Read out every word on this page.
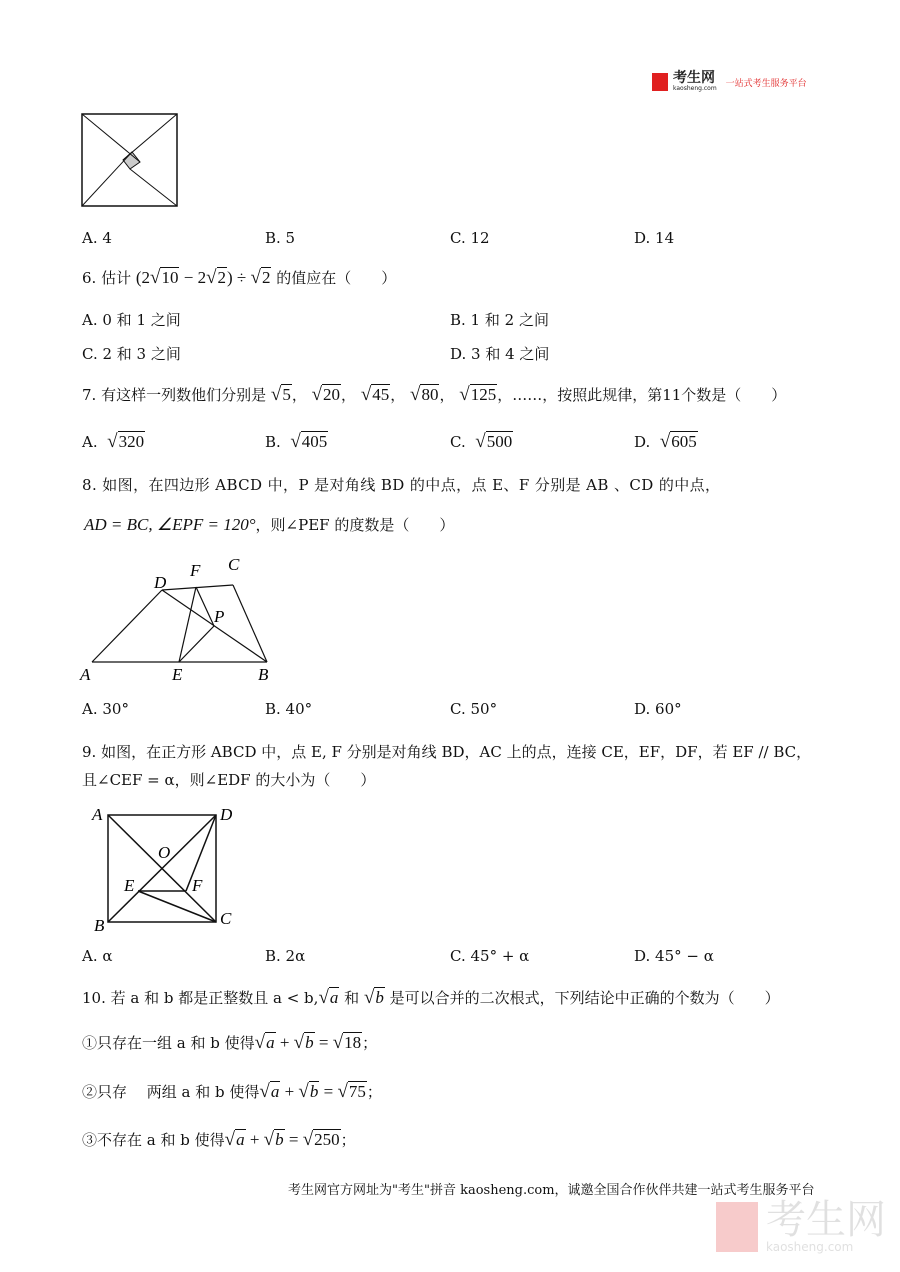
考生网
kaosheng.com 一站式考生服务平台
A. 4	B. 5	C. 12	D. 14
6. 估计 (2√10 − 2√2) ÷ √2 的值应在（　　）
A. 0 和 1 之间	B. 1 和 2 之间
C. 2 和 3 之间	D. 3 和 4 之间
7. 有这样一列数他们分别是 √5， √20， √45， √80， √125，……，按照此规律，第11个数是（　　）
A. √320	B. √405	C. √500	D. √605
8. 如图，在四边形 ABCD 中，P 是对角线 BD 的中点，点 E、F 分别是 AB 、CD 的中点，
AD = BC, ∠EPF = 120°，则∠PEF 的度数是（　　）
A	B
C
D
E
F
P
A. 30°	B. 40°	C. 50°	D. 60°
9. 如图，在正方形 ABCD 中，点 E, F 分别是对角线 BD，AC 上的点，连接 CE，EF，DF，若 EF // BC，
且∠CEF = α，则∠EDF 的大小为（　　）
A	D
B	C
O
E	F
A. α	B. 2α	C. 45° + α	D. 45° − α
10. 若 a 和 b 都是正整数且 a < b,√a 和 √b 是可以合并的二次根式，下列结论中正确的个数为（　　）
①只存在一组 a 和 b 使得√a + √b = √18；
②只存　 两组 a 和 b 使得√a + √b = √75；
③不存在 a 和 b 使得√a + √b = √250；
考生网官方网址为"考生"拼音 kaosheng.com，诚邀全国合作伙伴共建一站式考生服务平台
考生网
kaosheng.com
